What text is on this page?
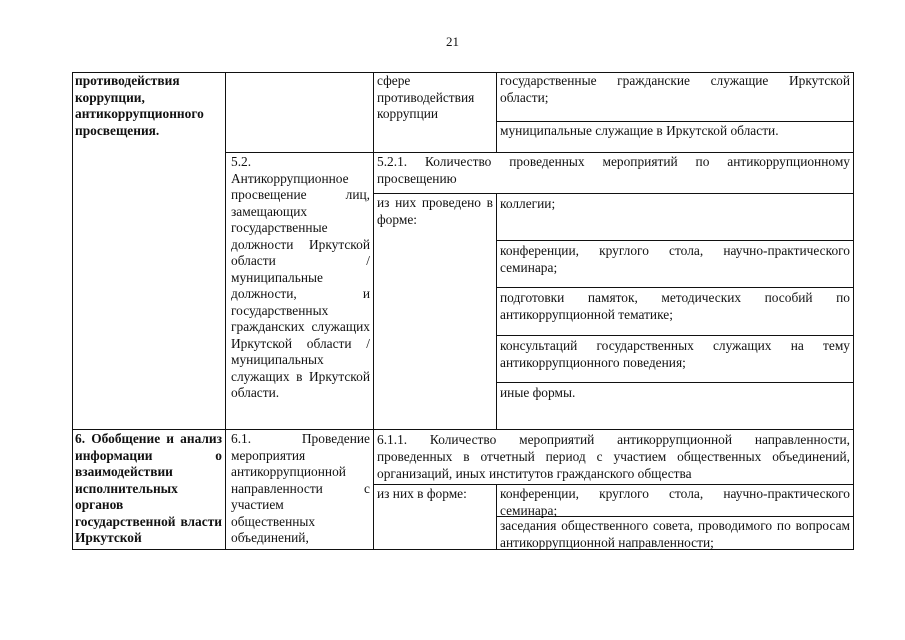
21
противодействия коррупции, антикоррупционного просвещения.
сфере противодействия коррупции
государственные гражданские служащие Иркутской области;
муниципальные служащие в Иркутской области.
5.2. Антикоррупционное просвещение лиц, замещающих государственные должности Иркутской области / муниципальные должности, и государственных гражданских служащих Иркутской области / муниципальных служащих в Иркутской области.
5.2.1. Количество проведенных мероприятий по антикоррупционному просвещению
из них проведено в форме:
коллегии;
конференции, круглого стола, научно-практического семинара;
подготовки памяток, методических пособий по антикоррупционной тематике;
консультаций государственных служащих на тему антикоррупционного поведения;
иные формы.
6. Обобщение и анализ информации о взаимодействии исполнительных органов государственной власти Иркутской
6.1. Проведение мероприятия антикоррупционной направленности с участием общественных объединений,
6.1.1. Количество мероприятий антикоррупционной направленности, проведенных в отчетный период с участием общественных объединений, организаций, иных институтов гражданского общества
из них в форме:	конференции, круглого стола, научно-практического семинара;
заседания общественного совета, проводимого по вопросам антикоррупционной направленности;
